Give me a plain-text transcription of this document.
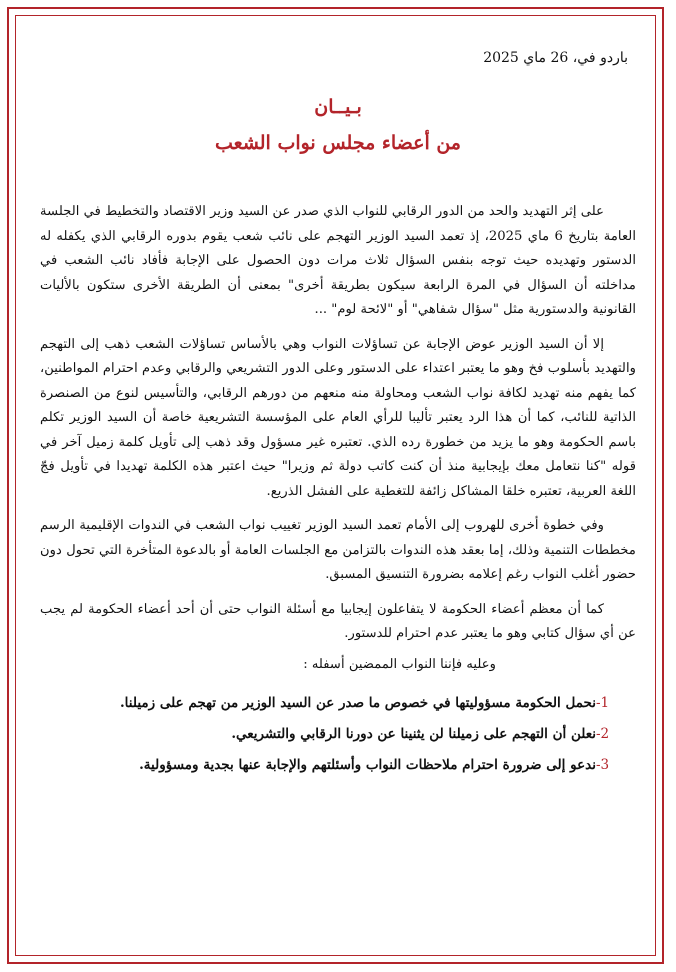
باردو في، 26 ماي 2025
بـيــان
من أعضاء مجلس نواب الشعب

على إثر التهديد والحد من الدور الرقابي للنواب الذي صدر عن السيد وزير الاقتصاد والتخطيط في الجلسة العامة بتاريخ 6 ماي 2025، إذ تعمد السيد الوزير التهجم على نائب شعب يقوم بدوره الرقابي الذي يكفله له الدستور وتهديده حيث توجه بنفس السؤال ثلاث مرات دون الحصول على الإجابة فأفاد نائب الشعب في مداخلته أن السؤال في المرة الرابعة سيكون بطريقة أخرى" بمعنى أن الطريقة الأخرى ستكون بالأليات القانونية والدستورية مثل "سؤال شفاهي" أو "لائحة لوم" ...

إلا أن السيد الوزير عوض الإجابة عن تساؤلات النواب وهي بالأساس تساؤلات الشعب ذهب إلى التهجم والتهديد بأسلوب فخ وهو ما يعتبر اعتداء على الدستور وعلى الدور التشريعي والرقابي وعدم احترام المواطنين، كما يفهم منه تهديد لكافة نواب الشعب ومحاولة منه منعهم من دورهم الرقابي، والتأسيس لنوع من الصنصرة الذاتية للنائب، كما أن هذا الرد يعتبر تأليبا للرأي العام على المؤسسة التشريعية خاصة أن السيد الوزير تكلم باسم الحكومة وهو ما يزيد من خطورة رده الذي. تعتبره غير مسؤول وقد ذهب إلى تأويل كلمة زميل آخر في قوله "كنا نتعامل معك بإيجابية منذ أن كنت كاتب دولة ثم وزيرا" حيث اعتبر هذه الكلمة تهديدا في تأويل فجّ اللغة العربية، تعتبره خلقا المشاكل زائفة للتغطية على الفشل الذريع.

وفي خطوة أخرى للهروب إلى الأمام تعمد السيد الوزير تغييب نواب الشعب في الندوات الإقليمية الرسم مخططات التنمية وذلك، إما بعقد هذه الندوات بالتزامن مع الجلسات العامة أو بالدعوة المتأخرة التي تحول دون حضور أغلب النواب رغم إعلامه بضرورة التنسيق المسبق.

كما أن معظم أعضاء الحكومة لا يتفاعلون إيجابيا مع أسئلة النواب حتى أن أحد أعضاء الحكومة لم يجب عن أي سؤال كتابي وهو ما يعتبر عدم احترام للدستور.

وعليه فإننا النواب الممضين أسفله :
-1
نحمل الحكومة مسؤوليتها في خصوص ما صدر عن السيد الوزير من تهجم على زميلنا.
-2
نعلن أن التهجم على زميلنا لن يثنينا عن دورنا الرقابي والتشريعي.
-3
ندعو إلى ضرورة احترام ملاحظات النواب وأسئلتهم والإجابة عنها بجدية ومسؤولية.
